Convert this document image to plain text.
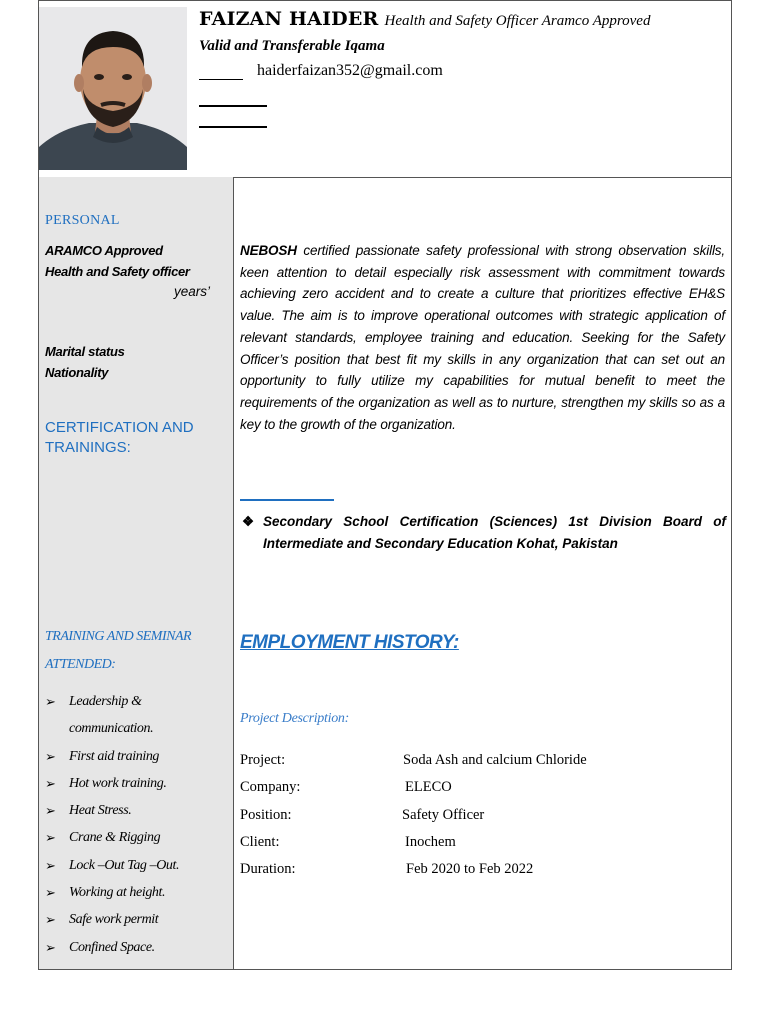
FAIZAN HAIDER Health and Safety Officer Aramco Approved
Valid and Transferable Iqama
haiderfaizan352@gmail.com
PERSONAL
ARAMCO Approved
Health and Safety officer
years’
Marital status
Nationality
CERTIFICATION AND
TRAININGS:
TRAINING AND SEMINAR
ATTENDED:
➢ Leadership & communication.
➢ First aid training
➢ Hot work training.
➢ Heat Stress.
➢ Crane & Rigging
➢ Lock –Out Tag –Out.
➢ Working at height.
➢ Safe work permit
➢ Confined Space.
NEBOSH certified passionate safety professional with strong observation skills, keen attention to detail especially risk assessment with commitment towards achieving zero accident and to create a culture that prioritizes effective EH&S value. The aim is to improve operational outcomes with strategic application of relevant standards, employee training and education. Seeking for the Safety Officer’s position that best fit my skills in any organization that can set out an opportunity to fully utilize my capabilities for mutual benefit to meet the requirements of the organization as well as to nurture, strengthen my skills so as a key to the growth of the organization.
❖ Secondary School Certification (Sciences) 1st Division Board of Intermediate and Secondary Education Kohat, Pakistan
EMPLOYMENT HISTORY:
Project Description:
Project:	Soda Ash and calcium Chloride
Company:	ELECO
Position:	Safety Officer
Client:	Inochem
Duration:	Feb 2020 to Feb 2022
